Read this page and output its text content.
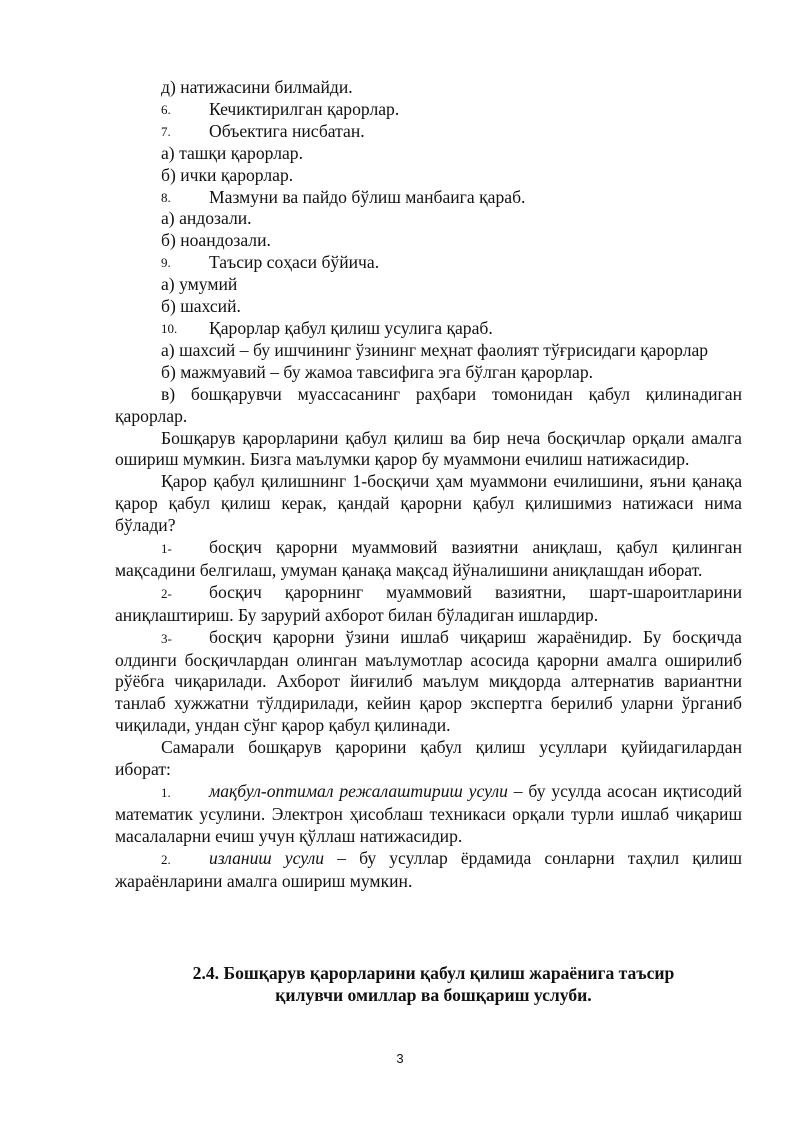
д) натижасини билмайди.

6.	Кечиктирилган қарорлар.
7.	Объектига нисбатан.

а) ташқи қарорлар.

б) ички қарорлар.

8.	Мазмуни ва пайдо бўлиш манбаига қараб.

а) андозали.

б) ноандозали.

9.	Таъсир соҳаси бўйича.

а) умумий

б) шахсий.

10.	Қарорлар қабул қилиш усулига қараб.

а) шахсий – бу ишчининг ўзининг меҳнат фаолият тўғрисидаги қарорлар

б) мажмуавий – бу жамоа тавсифига эга бўлган қарорлар.

в) бошқарувчи муассасанинг раҳбари томонидан қабул қилинадиган қарорлар.

Бошқарув қарорларини қабул қилиш ва бир неча босқичлар орқали амалга ошириш мумкин. Бизга маълумки қарор бу муаммони ечилиш натижасидир.

Қарор қабул қилишнинг 1-босқичи ҳам муаммони ечилишини, яъни қанақа қарор қабул қилиш керак, қандай қарорни қабул қилишимиз натижаси нима бўлади?

1- босқич қарорни муаммовий вазиятни аниқлаш, қабул қилинган мақсадини белгилаш, умуман қанақа мақсад йўналишини аниқлашдан иборат.

2- босқич қарорнинг муаммовий вазиятни, шарт-шароитларини аниқлаштириш. Бу зарурий ахборот билан бўладиган ишлардир.

3- босқич қарорни ўзини ишлаб чиқариш жараёнидир. Бу босқичда олдинги босқичлардан олинган маълумотлар асосида қарорни амалга оширилиб рўёбга чиқарилади. Ахборот йиғилиб маълум миқдорда алтернатив вариантни танлаб хужжатни тўлдирилади, кейин қарор экспертга берилиб уларни ўрганиб чиқилади, ундан сўнг қарор қабул қилинади.

Самарали бошқарув қарорини қабул қилиш усуллари қуйидагилардан иборат:

1. мақбул-оптимал режалаштириш усули – бу усулда асосан иқтисодий математик усулини. Электрон ҳисоблаш техникаси орқали турли ишлаб чиқариш масалаларни ечиш учун қўллаш натижасидир.

2. изланиш усули – бу усуллар ёрдамида сонларни таҳлил қилиш жараёнларини амалга ошириш мумкин.

2.4. Бошқарув қарорларини қабул қилиш жараёнига таъсир
қилувчи омиллар ва бошқариш услуби.
3
